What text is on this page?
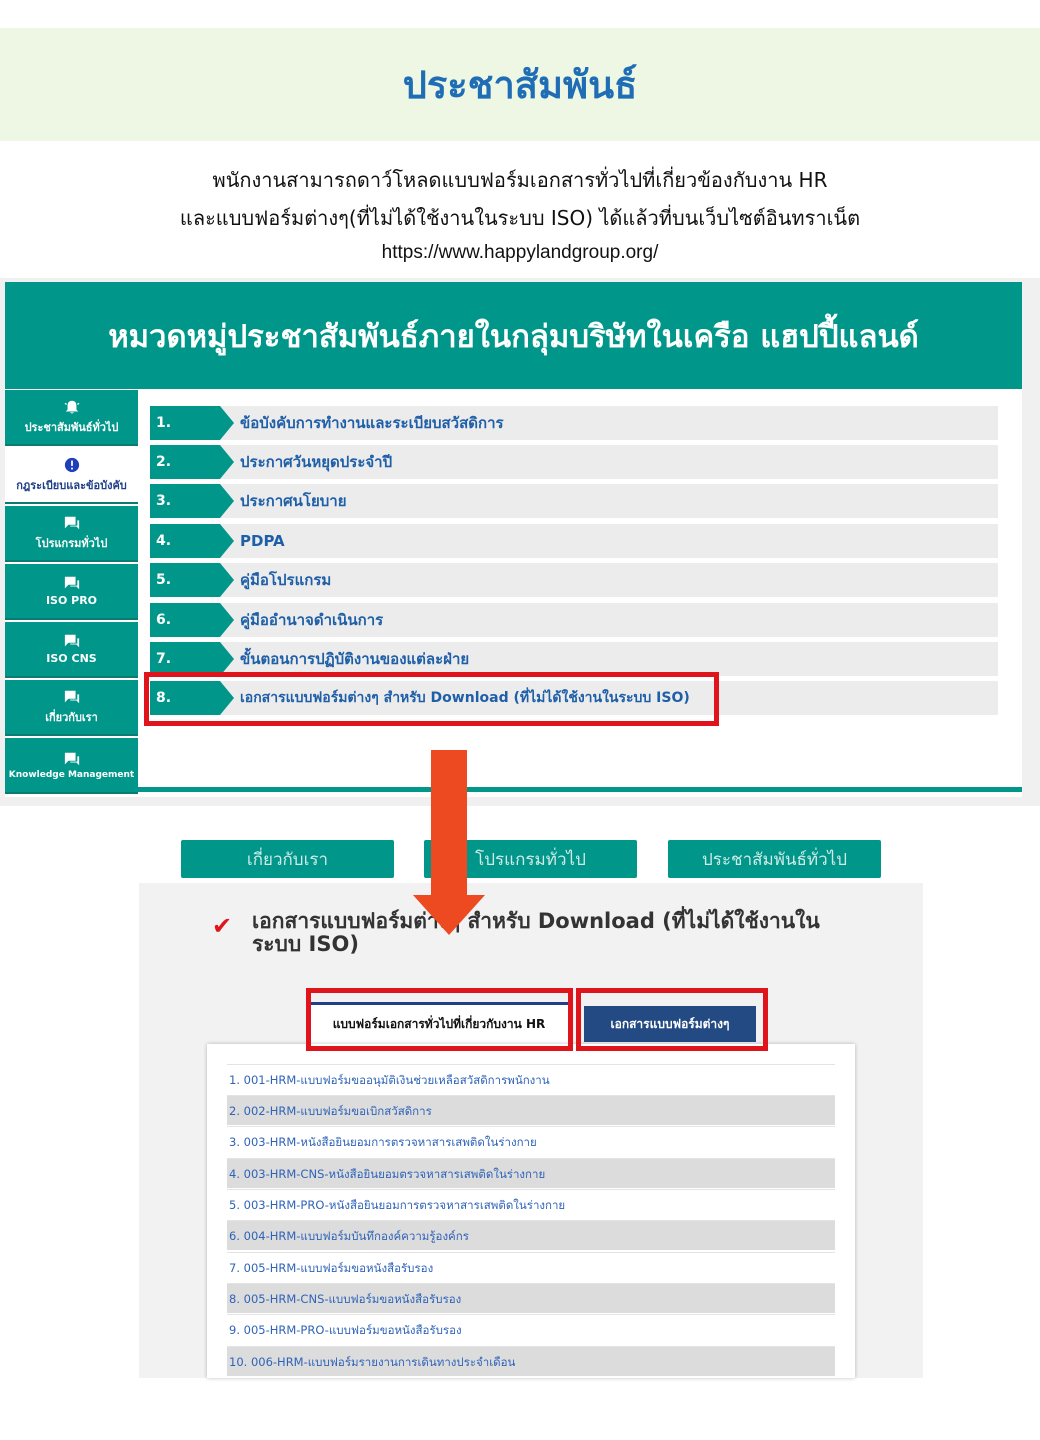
ประชาสัมพันธ์
พนักงานสามารถดาว์โหลดแบบฟอร์มเอกสารทั่วไปที่เกี่ยวข้องกับงาน HR
และแบบฟอร์มต่างๆ(ที่ไม่ได้ใช้งานในระบบ ISO) ได้แล้วที่บนเว็บไซต์อินทราเน็ต
https://www.happylandgroup.org/
หมวดหมู่ประชาสัมพันธ์ภายในกลุ่มบริษัทในเครือ แฮปปี้แลนด์
ประชาสัมพันธ์ทั่วไป
กฎระเบียบและข้อบังคับ
โปรแกรมทั่วไป
ISO PRO
ISO CNS
เกี่ยวกับเรา
Knowledge Management
1.	ข้อบังคับการทำงานและระเบียบสวัสดิการ
2.	ประกาศวันหยุดประจำปี
3.	ประกาศนโยบาย
4.	PDPA
5.	คู่มือโปรแกรม
6.	คู่มืออำนาจดำเนินการ
7.	ขั้นตอนการปฏิบัติงานของแต่ละฝ่าย
8.	เอกสารแบบฟอร์มต่างๆ สำหรับ Download (ที่ไม่ได้ใช้งานในระบบ ISO)
เกี่ยวกับเรา	โปรแกรมทั่วไป	ประชาสัมพันธ์ทั่วไป
✔ เอกสารแบบฟอร์มต่างๆ สำหรับ Download (ที่ไม่ได้ใช้งานใน
ระบบ ISO)
แบบฟอร์มเอกสารทั่วไปที่เกี่ยวกับงาน HR	เอกสารแบบฟอร์มต่างๆ
1. 001-HRM-แบบฟอร์มขออนุมัติเงินช่วยเหลือสวัสดิการพนักงาน
2. 002-HRM-แบบฟอร์มขอเบิกสวัสดิการ
3. 003-HRM-หนังสือยินยอมการตรวจหาสารเสพติดในร่างกาย
4. 003-HRM-CNS-หนังสือยินยอมตรวจหาสารเสพติดในร่างกาย
5. 003-HRM-PRO-หนังสือยินยอมการตรวจหาสารเสพติดในร่างกาย
6. 004-HRM-แบบฟอร์มบันทึกองค์ความรู้องค์กร
7. 005-HRM-แบบฟอร์มขอหนังสือรับรอง
8. 005-HRM-CNS-แบบฟอร์มขอหนังสือรับรอง
9. 005-HRM-PRO-แบบฟอร์มขอหนังสือรับรอง
10. 006-HRM-แบบฟอร์มรายงานการเดินทางประจำเดือน
